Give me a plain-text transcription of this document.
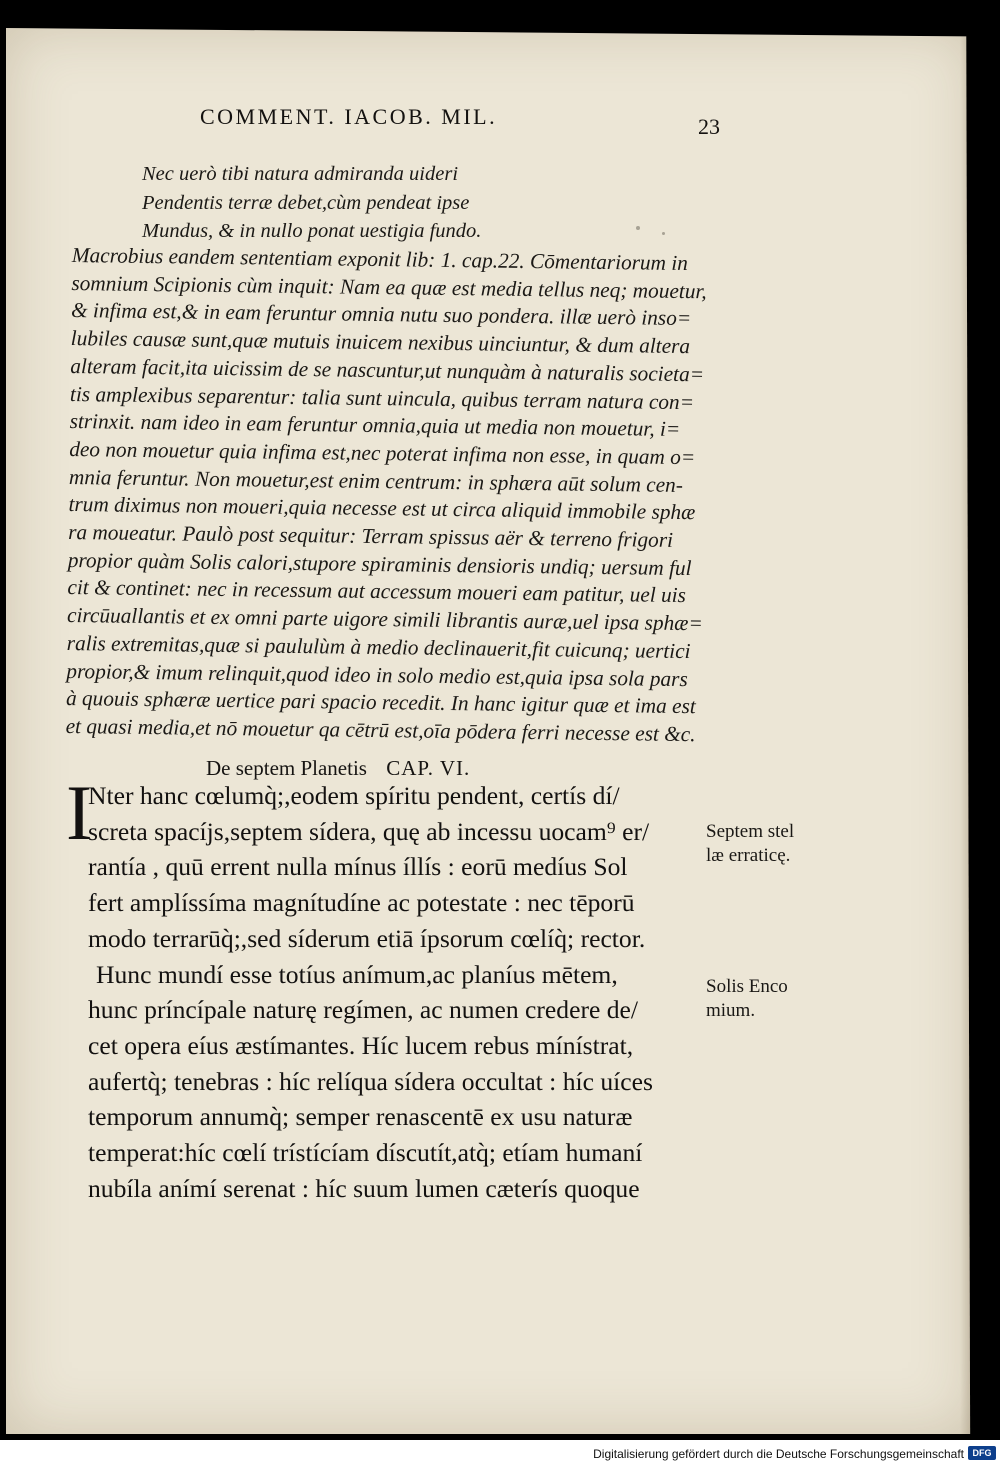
COMMENT. IACOB. MIL.	23
Nec uerò tibi natura admiranda uideri
Pendentis terræ debet,cùm pendeat ipse
Mundus, & in nullo ponat uestigia fundo.
Macrobius eandem sententiam exponit lib: 1. cap.22. Cōmentariorum in
somnium Scipionis cùm inquit: Nam ea quæ est media tellus neq; mouetur,
& infima est,& in eam feruntur omnia nutu suo pondera. illæ uerò inso=
lubiles causæ sunt,quæ mutuis inuicem nexibus uinciuntur, & dum altera
alteram facit,ita uicissim de se nascuntur,ut nunquàm à naturalis societa=
tis amplexibus separentur: talia sunt uincula, quibus terram natura con=
strinxit. nam ideo in eam feruntur omnia,quia ut media non mouetur, i=
deo non mouetur quia infima est,nec poterat infima non esse, in quam o=
mnia feruntur. Non mouetur,est enim centrum: in sphæra aūt solum cen-
trum diximus non moueri,quia necesse est ut circa aliquid immobile sphæ
ra moueatur. Paulò post sequitur: Terram spissus aër & terreno frigori
propior quàm Solis calori,stupore spiraminis densioris undiq; uersum ful
cit & continet: nec in recessum aut accessum moueri eam patitur, uel uis
circūuallantis et ex omni parte uigore simili librantis auræ,uel ipsa sphæ=
ralis extremitas,quæ si paululùm à medio declinauerit,fit cuicunq; uertici
propior,& imum relinquit,quod ideo in solo medio est,quia ipsa sola pars
à quouis sphæræ uertice pari spacio recedit. In hanc igitur quæ et ima est
et quasi media,et nō mouetur qa cētrū est,oīa pōdera ferri necesse est &c.
De septem Planetis CAP. VI.
I
Nter hanc cœlumq̀;,eodem spíritu pendent, certís dí/
screta spacíjs,septem sídera, quę ab incessu uocam⁹ er/
rantía , quū errent nulla mínus íllís : eorū medíus Sol
fert amplíssíma magnítudíne ac potestate : nec tēporū
modo terrarūq̀;,sed síderum etiā ípsorum cœlíq̀; rector.
Hunc mundí esse totíus anímum,ac planíus mētem,
hunc príncípale naturę regímen, ac numen credere de/
cet opera eíus æstímantes. Híc lucem rebus mínístrat,
aufertq̀; tenebras : híc relíqua sídera occultat : híc uíces
temporum annumq̀; semper renascentē ex usu naturæ
temperat:híc cœlí trístícíam díscutít,atq̀; etíam humaní
nubíla anímí serenat : híc suum lumen cæterís quoque
Septem stel
læ erraticę.
Solis Enco
mium.
Digitalisierung gefördert durch die Deutsche Forschungsgemeinschaft DFG
